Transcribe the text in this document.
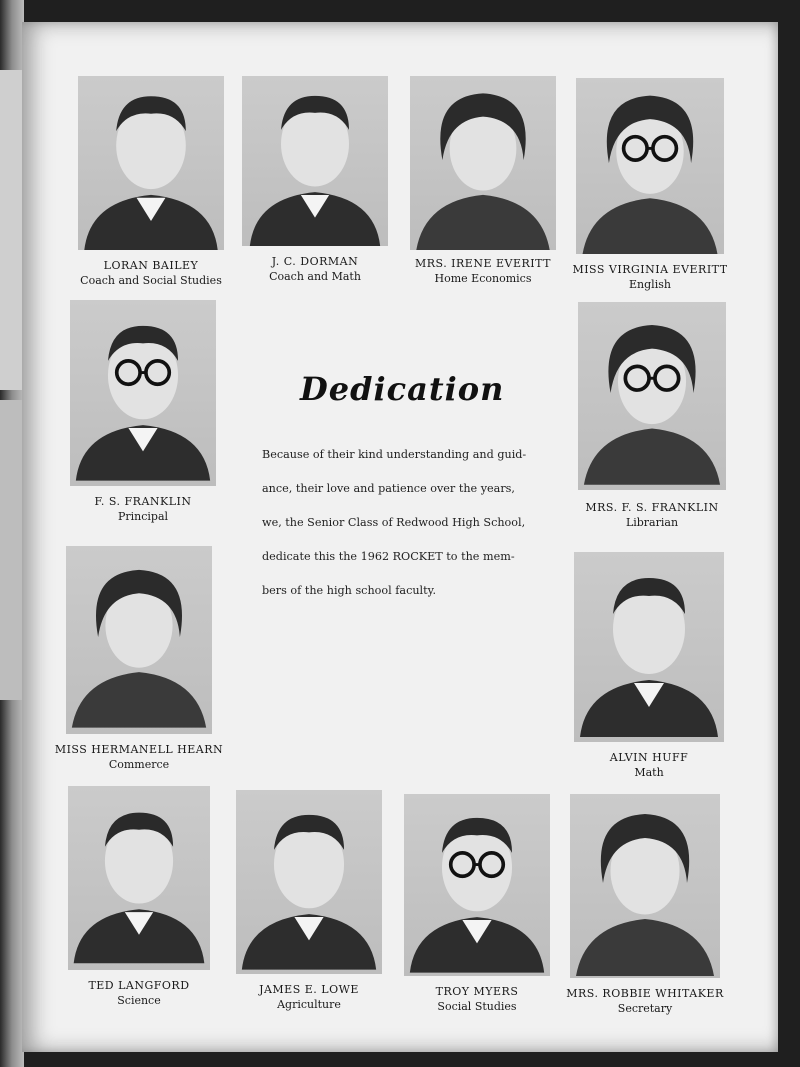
LORAN BAILEY
Coach and Social Studies
J. C. DORMAN
Coach and Math
MRS. IRENE EVERITT
Home Economics
MISS VIRGINIA EVERITT
English
F. S. FRANKLIN
Principal
Dedication
Because of their kind understanding and guid-
ance, their love and patience over the years,
we, the Senior Class of Redwood High School,
dedicate this the 1962 ROCKET to the mem-
bers of the high school faculty.
MRS. F. S. FRANKLIN
Librarian
MISS HERMANELL HEARN
Commerce
ALVIN HUFF
Math
TED LANGFORD
Science
JAMES E. LOWE
Agriculture
TROY MYERS
Social Studies
MRS. ROBBIE WHITAKER
Secretary
